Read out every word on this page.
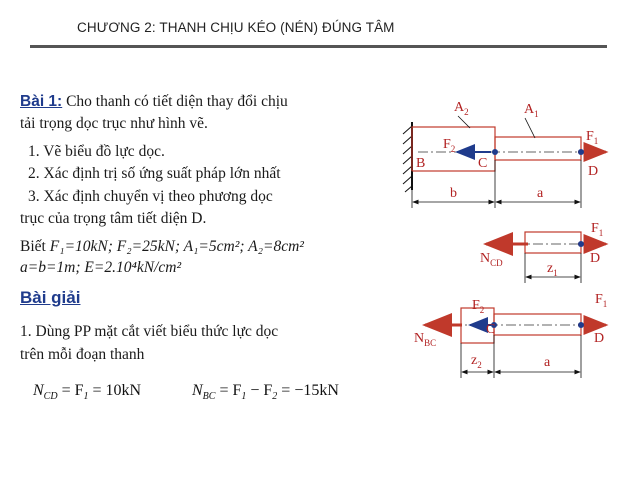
CHƯƠNG 2: THANH CHỊU KÉO (NÉN) ĐÚNG TÂM
Bài 1: Cho thanh có tiết diện thay đổi chịu
tải trọng dọc trục như hình vẽ.
1. Vẽ biểu đồ lực dọc.
2. Xác định trị số ứng suất pháp lớn nhất
3. Xác định chuyển vị theo phương dọc
trục của trọng tâm tiết diện D.
Biết F₁=10kN; F₂=25kN; A₁=5cm²; A₂=8cm²
a=b=1m; E=2.10⁴kN/cm²
Bài giải
1. Dùng PP mặt cắt viết biểu thức lực dọc
trên mỗi đoạn thanh
$A_2$	$A_1$
$F_2$
$F_1$
B	C
D
b	a
$F_1$
$N_{CD}$	D
$z_1$
$F_2$
$F_1$
$N_{BC}$
C
D
$z_2$	a
$N_{CD} = F_1 = 10kN$	$N_{BC} = F_1 - F_2 = -15kN$
